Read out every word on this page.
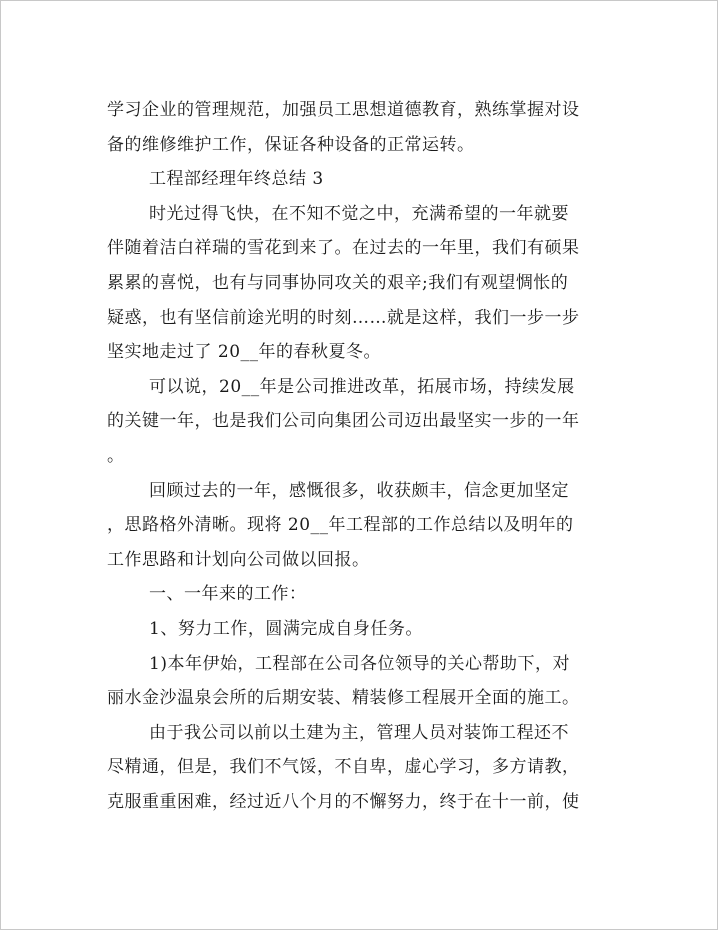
学习企业的管理规范，加强员工思想道德教育，熟练掌握对设

备的维修维护工作，保证各种设备的正常运转。

工程部经理年终总结 3

时光过得飞快，在不知不觉之中，充满希望的一年就要

伴随着洁白祥瑞的雪花到来了。在过去的一年里，我们有硕果

累累的喜悦，也有与同事协同攻关的艰辛;我们有观望惆怅的

疑惑，也有坚信前途光明的时刻……就是这样，我们一步一步

坚实地走过了 20__年的春秋夏冬。

可以说，20__年是公司推进改革，拓展市场，持续发展

的关键一年，也是我们公司向集团公司迈出最坚实一步的一年

。

回顾过去的一年，感慨很多，收获颇丰，信念更加坚定

，思路格外清晰。现将 20__年工程部的工作总结以及明年的

工作思路和计划向公司做以回报。

一、一年来的工作：

1、努力工作，圆满完成自身任务。

1)本年伊始，工程部在公司各位领导的关心帮助下，对

丽水金沙温泉会所的后期安装、精装修工程展开全面的施工。

由于我公司以前以土建为主，管理人员对装饰工程还不

尽精通，但是，我们不气馁，不自卑，虚心学习，多方请教，

克服重重困难，经过近八个月的不懈努力，终于在十一前，使
